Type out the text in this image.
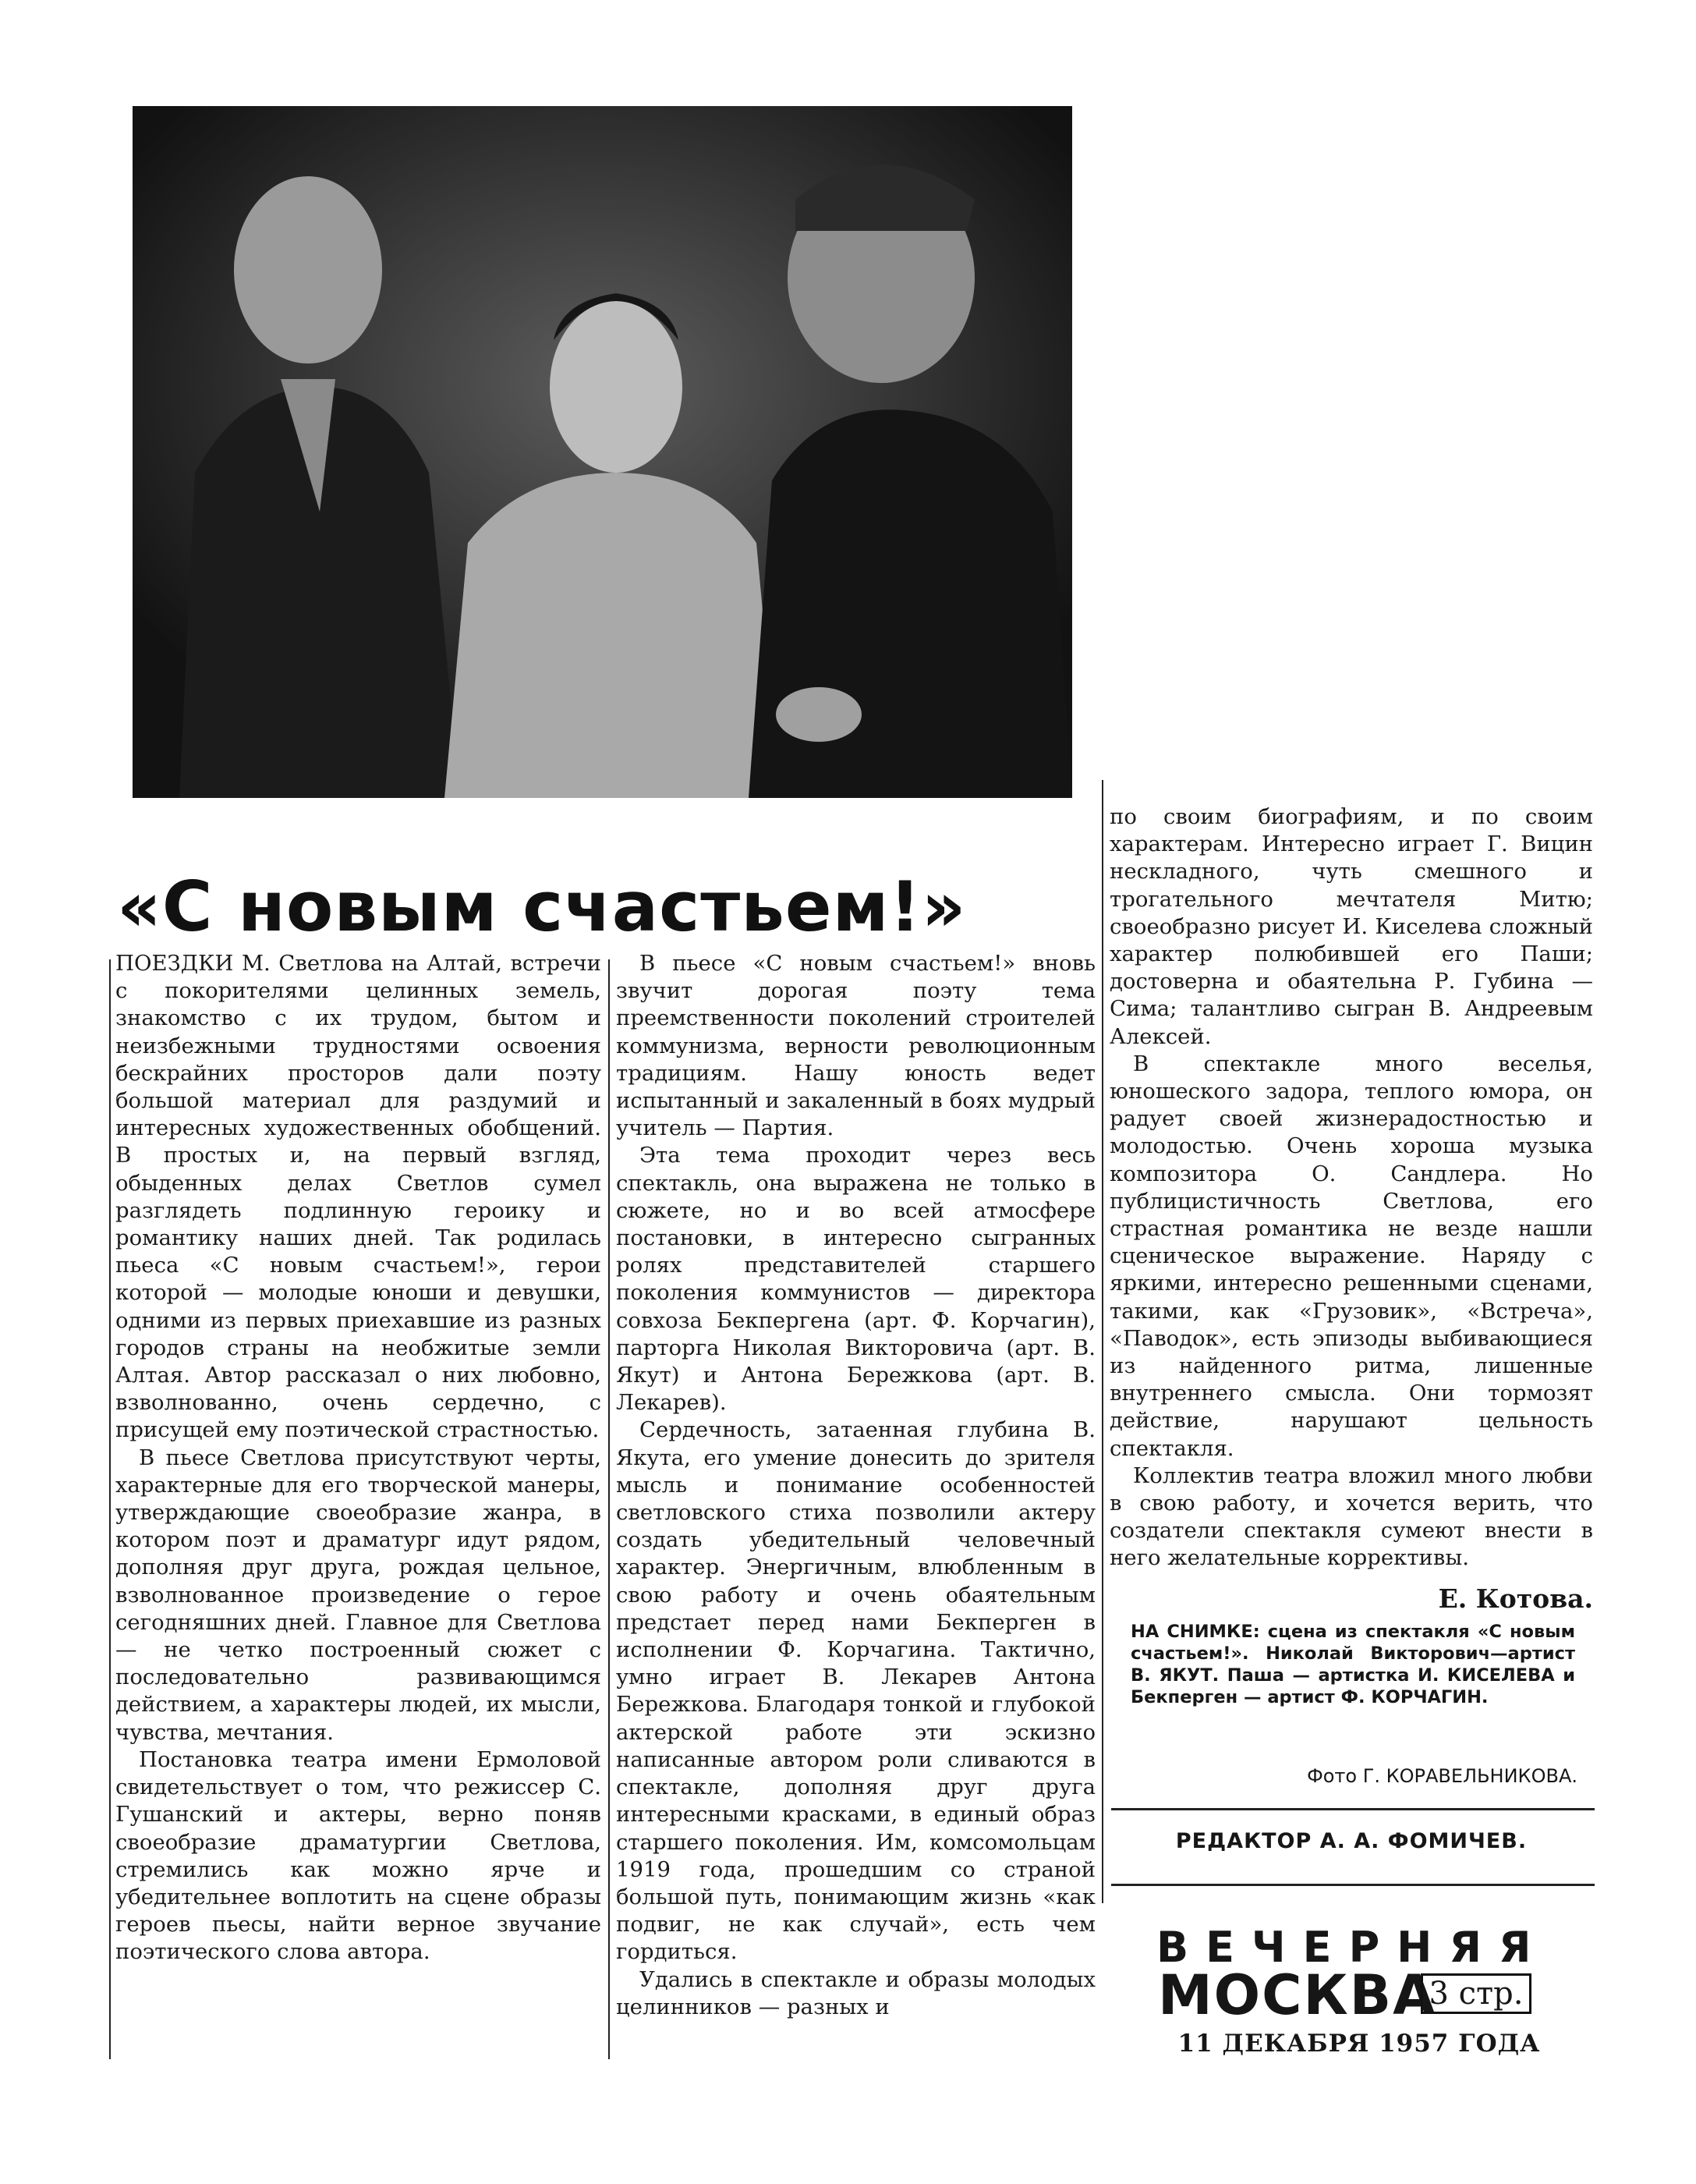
«С новым счастьем!»

ПОЕЗДКИ М. Светлова на Алтай, встречи с покорителями целинных земель, знакомство с их трудом, бытом и неизбежными трудностями освоения бескрайних просторов дали поэту большой материал для раздумий и интересных художественных обобщений. В простых и, на первый взгляд, обыденных делах Светлов сумел разглядеть подлинную героику и романтику наших дней. Так родилась пьеса «С новым счастьем!», герои которой — молодые юноши и девушки, одними из первых приехавшие из разных городов страны на необжитые земли Алтая. Автор рассказал о них любовно, взволнованно, очень сердечно, с присущей ему поэтической страстностью.

В пьесе Светлова присутствуют черты, характерные для его творческой манеры, утверждающие своеобразие жанра, в котором поэт и драматург идут рядом, дополняя друг друга, рождая цельное, взволнованное произведение о герое сегодняшних дней. Главное для Светлова — не четко построенный сюжет с последовательно развивающимся действием, а характеры людей, их мысли, чувства, мечтания.

Постановка театра имени Ермоловой свидетельствует о том, что режиссер С. Гушанский и актеры, верно поняв своеобразие драматургии Светлова, стремились как можно ярче и убедительнее воплотить на сцене образы героев пьесы, найти верное звучание поэтического слова автора.

В пьесе «С новым счастьем!» вновь звучит дорогая поэту тема преемственности поколений строителей коммунизма, верности революционным традициям. Нашу юность ведет испытанный и закаленный в боях мудрый учитель — Партия.

Эта тема проходит через весь спектакль, она выражена не только в сюжете, но и во всей атмосфере постановки, в интересно сыгранных ролях представителей старшего поколения коммунистов — директора совхоза Бекпергена (арт. Ф. Корчагин), парторга Николая Викторовича (арт. В. Якут) и Антона Бережкова (арт. В. Лекарев).

Сердечность, затаенная глубина В. Якута, его умение донесить до зрителя мысль и понимание особенностей светловского стиха позволили актеру создать убедительный человечный характер. Энергичным, влюбленным в свою работу и очень обаятельным предстает перед нами Бекперген в исполнении Ф. Корчагина. Тактично, умно играет В. Лекарев Антона Бережкова. Благодаря тонкой и глубокой актерской работе эти эскизно написанные автором роли сливаются в спектакле, дополняя друг друга интересными красками, в единый образ старшего поколения. Им, комсомольцам 1919 года, прошедшим со страной большой путь, понимающим жизнь «как подвиг, не как случай», есть чем гордиться.

Удались в спектакле и образы молодых целинников — разных и

по своим биографиям, и по своим характерам. Интересно играет Г. Вицин нескладного, чуть смешного и трогательного мечтателя Митю; своеобразно рисует И. Киселева сложный характер полюбившей его Паши; достоверна и обаятельна Р. Губина — Сима; талантливо сыгран В. Андреевым Алексей.

В спектакле много веселья, юношеского задора, теплого юмора, он радует своей жизнерадостностью и молодостью. Очень хороша музыка композитора О. Сандлера. Но публицистичность Светлова, его страстная романтика не везде нашли сценическое выражение. Наряду с яркими, интересно решенными сценами, такими, как «Грузовик», «Встреча», «Паводок», есть эпизоды выбивающиеся из найденного ритма, лишенные внутреннего смысла. Они тормозят действие, нарушают цельность спектакля.

Коллектив театра вложил много любви в свою работу, и хочется верить, что создатели спектакля сумеют внести в него желательные коррективы.

Е. Котова.
НА СНИМКЕ: сцена из спектакля «С новым счастьем!». Николай Викторович—артист В. ЯКУТ. Паша — артистка И. КИСЕЛЕВА и Бекперген — артист Ф. КОРЧАГИН.
Фото Г. КОРАВЕЛЬНИКОВА.
РЕДАКТОР А. А. ФОМИЧЕВ.
ВЕЧЕРНЯЯ
МОСКВА
3 стр.
11 ДЕКАБРЯ 1957 ГОДА
